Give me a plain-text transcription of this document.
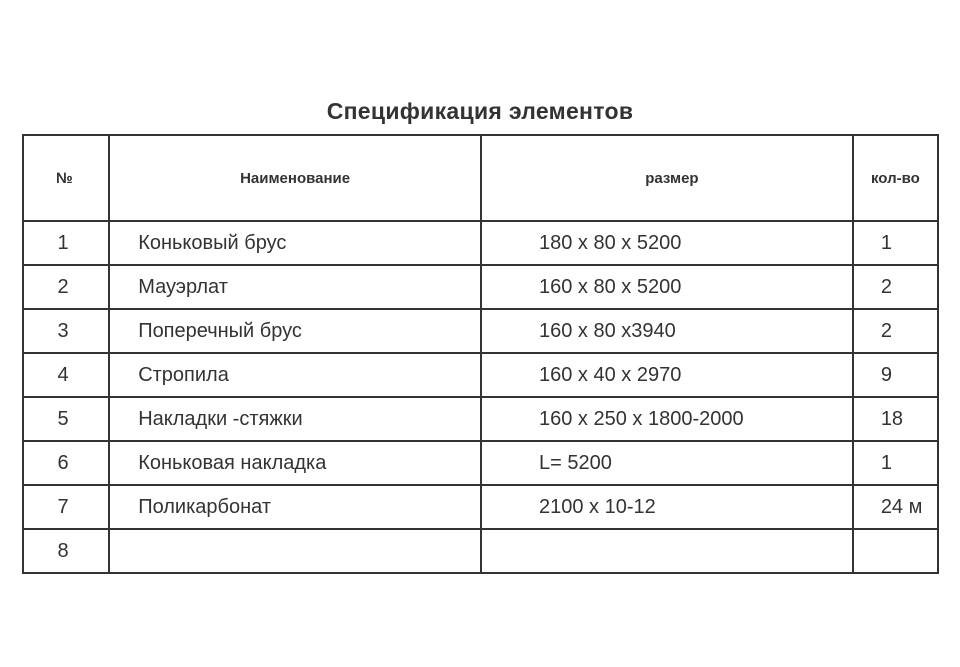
Спецификация элементов
№	Наименование	размер	кол-во
1	Коньковый брус	180 х 80 х 5200	1
2	Мауэрлат	160 х 80 х 5200	2
3	Поперечный брус	160 х 80 х3940	2
4	Стропила	160 х 40 х 2970	9
5	Накладки -стяжки	160 х 250 х 1800-2000	18
6	Коньковая накладка	L= 5200	1
7	Поликарбонат	2100 х 10-12	24 м
8			
